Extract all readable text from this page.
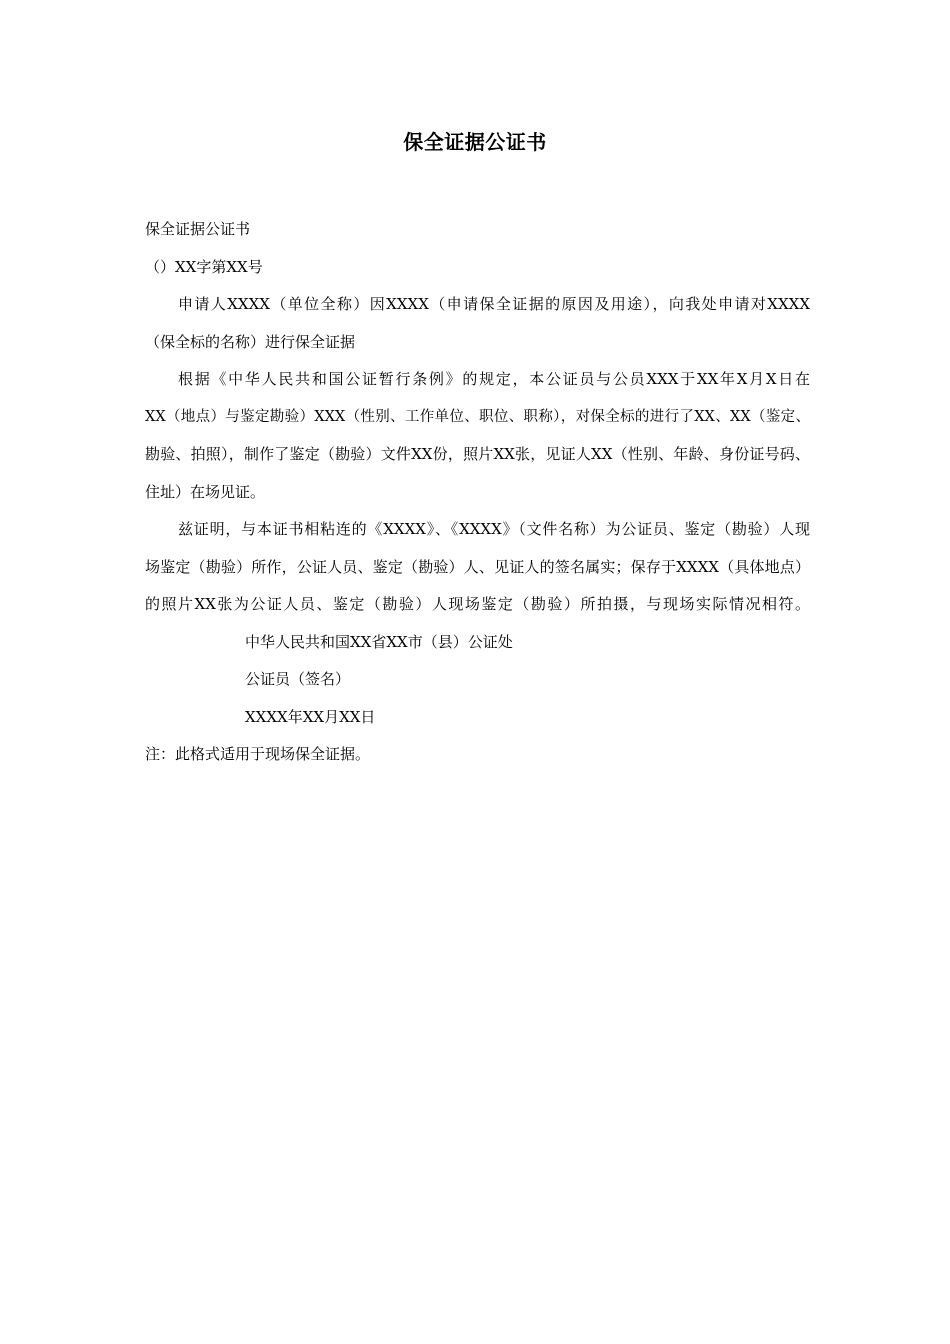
保全证据公证书
保全证据公证书
（）XX字第XX号
申请人XXXX（单位全称）因XXXX（申请保全证据的原因及用途），向我处申请对XXXX
（保全标的名称）进行保全证据
根据《中华人民共和国公证暂行条例》的规定，本公证员与公员XXX于XX年X月X日在
XX（地点）与鉴定勘验）XXX（性别、工作单位、职位、职称），对保全标的进行了XX、XX（鉴定、
勘验、拍照），制作了鉴定（勘验）文件XX份，照片XX张，见证人XX（性别、年龄、身份证号码、
住址）在场见证。
兹证明，与本证书相粘连的《XXXX》、《XXXX》（文件名称）为公证员、鉴定（勘验）人现
场鉴定（勘验）所作，公证人员、鉴定（勘验）人、见证人的签名属实；保存于XXXX（具体地点）
的照片XX张为公证人员、鉴定（勘验）人现场鉴定（勘验）所拍摄，与现场实际情况相符。
中华人民共和国XX省XX市（县）公证处
公证员（签名）
XXXX年XX月XX日
注：此格式适用于现场保全证据。
